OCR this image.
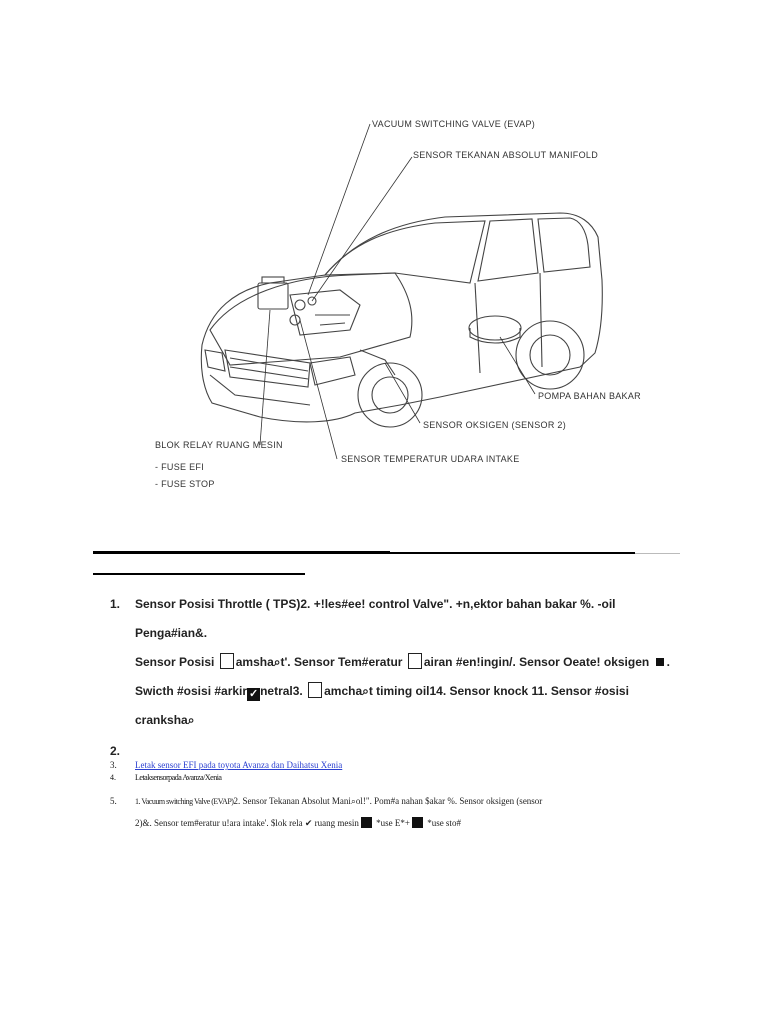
VACUUM SWITCHING VALVE (EVAP)
SENSOR TEKANAN ABSOLUT MANIFOLD
POMPA BAHAN BAKAR
SENSOR OKSIGEN (SENSOR 2)
SENSOR TEMPERATUR UDARA INTAKE
BLOK RELAY RUANG MESIN
- FUSE EFI
- FUSE STOP
1. Sensor Posisi Throttle ( TPS)2. +!les#ee! control Valve". +n,ektor bahan bakar %. -oil Penga#ian&.
Sensor Posisi amsha⌕t'. Sensor Tem#eratur airan #en!ingin/. Sensor Oeate! oksigen .
Swicth #osisi #arkir ✓ netral3. amcha⌕t timing oil14. Sensor knock 11. Sensor #osisi
cranksha⌕
2.
3. Letak sensor EFI pada toyota Avanza dan Daihatsu Xenia
4. Letaksensorpada Avanza/Xenia
5. 1. Vacuum switching Valve (EVAP)2. Sensor Tekanan Absolut Mani⌕ol!". Pom#a nahan $akar %. Sensor oksigen (sensor
2)&. Sensor tem#eratur u!ara intake'. $lok rela ✔ ruang mesin *use E*+ *use sto#
